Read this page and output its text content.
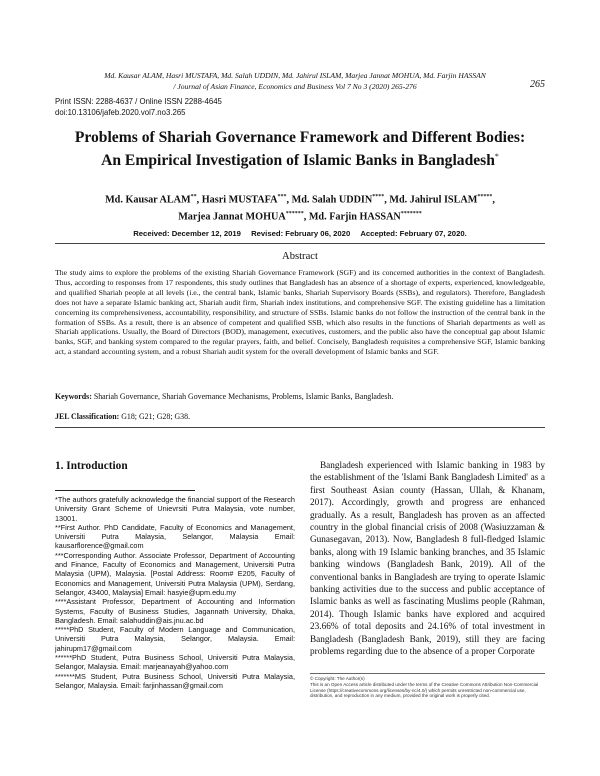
Md. Kausar ALAM, Hasri MUSTAFA, Md. Salah UDDIN, Md. Jahirul ISLAM, Marjea Jannat MOHUA, Md. Farjin HASSAN
/ Journal of Asian Finance, Economics and Business Vol 7 No 3 (2020) 265-276	265
Print ISSN: 2288-4637 / Online ISSN 2288-4645
doi:10.13106/jafeb.2020.vol7.no3.265
Problems of Shariah Governance Framework and Different Bodies:
An Empirical Investigation of Islamic Banks in Bangladesh*
Md. Kausar ALAM**, Hasri MUSTAFA***, Md. Salah UDDIN****, Md. Jahirul ISLAM*****,
Marjea Jannat MOHUA******, Md. Farjin HASSAN*******
Received: December 12, 2019 Revised: February 06, 2020 Accepted: February 07, 2020.
Abstract
The study aims to explore the problems of the existing Shariah Governance Framework (SGF) and its concerned authorities in the context of Bangladesh. Thus, according to responses from 17 respondents, this study outlines that Bangladesh has an absence of a shortage of experts, experienced, knowledgeable, and qualified Shariah people at all levels (i.e., the central bank, Islamic banks, Shariah Supervisory Boards (SSBs), and regulators). Therefore, Bangladesh does not have a separate Islamic banking act, Shariah audit firm, Shariah index institutions, and comprehensive SGF. The existing guideline has a limitation concerning its comprehensiveness, accountability, responsibility, and structure of SSBs. Islamic banks do not follow the instruction of the central bank in the formation of SSBs. As a result, there is an absence of competent and qualified SSB, which also results in the functions of Shariah departments as well as Shariah applications. Usually, the Board of Directors (BOD), management, executives, customers, and the public also have the conceptual gap about Islamic banks, SGF, and banking system compared to the regular prayers, faith, and belief. Concisely, Bangladesh requisites a comprehensive SGF, Islamic banking act, a standard accounting system, and a robust Shariah audit system for the overall development of Islamic banks and SGF.
Keywords: Shariah Governance, Shariah Governance Mechanisms, Problems, Islamic Banks, Bangladesh.
JEL Classification: G18; G21; G28; G38.
1. Introduction

*The authors gratefully acknowledge the financial support of the Research University Grant Scheme of Unievrsiti Putra Malaysia, vote number, 13001.

**First Author. PhD Candidate, Faculty of Economics and Management, Universiti Putra Malaysia, Selangor, Malaysia Email: kausarflorence@gmail.com

***Corresponding Author. Associate Professor, Department of Accounting and Finance, Faculty of Economics and Management, Universiti Putra Malaysia (UPM), Malaysia. [Postal Address: Room# E205, Faculty of Economics and Management, Universiti Putra Malaysia (UPM), Serdang, Selangor, 43400, Malaysia] Email: hasyie@upm.edu.my

****Assistant Professor, Department of Accounting and Information Systems, Faculty of Business Studies, Jagannath University, Dhaka, Bangladesh. Email: salahuddin@ais.jnu.ac.bd

*****PhD Student, Faculty of Modern Language and Communication, Universiti Putra Malaysia, Selangor, Malaysia. Email: jahirupm17@gmail.com

******PhD Student, Putra Business School, Universiti Putra Malaysia, Selangor, Malaysia. Email: marjeanayah@yahoo.com

*******MS Student, Putra Business School, Universiti Putra Malaysia, Selangor, Malaysia. Email: farjinhassan@gmail.com

Bangladesh experienced with Islamic banking in 1983 by the establishment of the 'Islami Bank Bangladesh Limited' as a first Southeast Asian county (Hassan, Ullah, & Khanam, 2017). Accordingly, growth and progress are enhanced gradually. As a result, Bangladesh has proven as an affected country in the global financial crisis of 2008 (Wasiuzzaman & Gunasegavan, 2013). Now, Bangladesh 8 full-fledged Islamic banks, along with 19 Islamic banking branches, and 35 Islamic banking windows (Bangladesh Bank, 2019). All of the conventional banks in Bangladesh are trying to operate Islamic banking activities due to the success and public acceptance of Islamic banks as well as fascinating Muslims people (Rahman, 2014). Though Islamic banks have explored and acquired 23.66% of total deposits and 24.16% of total investment in Bangladesh (Bangladesh Bank, 2019), still they are facing problems regarding due to the absence of a proper Corporate

© Copyright: The Author(s)

This is an Open Access article distributed under the terms of the Creative Commons Attribution Non-Commercial License (https://creativecommons.org/licenses/by-nc/4.0/) which permits unrestricted non-commercial use, distribution, and reproduction in any medium, provided the original work is properly cited.
